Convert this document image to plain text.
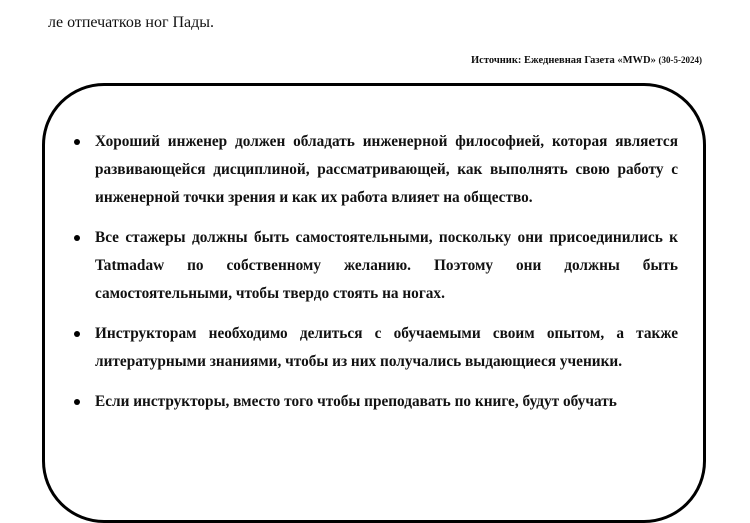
ле отпечатков ног Пады.

Источник: Ежедневная Газета «MWD» (30-5-2024)

Хороший инженер должен обладать инженерной философией, которая является развивающейся дисциплиной, рассматривающей, как выполнять свою работу с инженерной точки зрения и как их работа влияет на общество.
Все стажеры должны быть самостоятельными, поскольку они присоединились к Tatmadaw по собственному желанию. Поэтому они должны быть самостоятельными, чтобы твердо стоять на ногах.
Инструкторам необходимо делиться с обучаемыми своим опытом, а также литературными знаниями, чтобы из них получались выдающиеся ученики.
Если инструкторы, вместо того чтобы преподавать по книге, будут обучать
